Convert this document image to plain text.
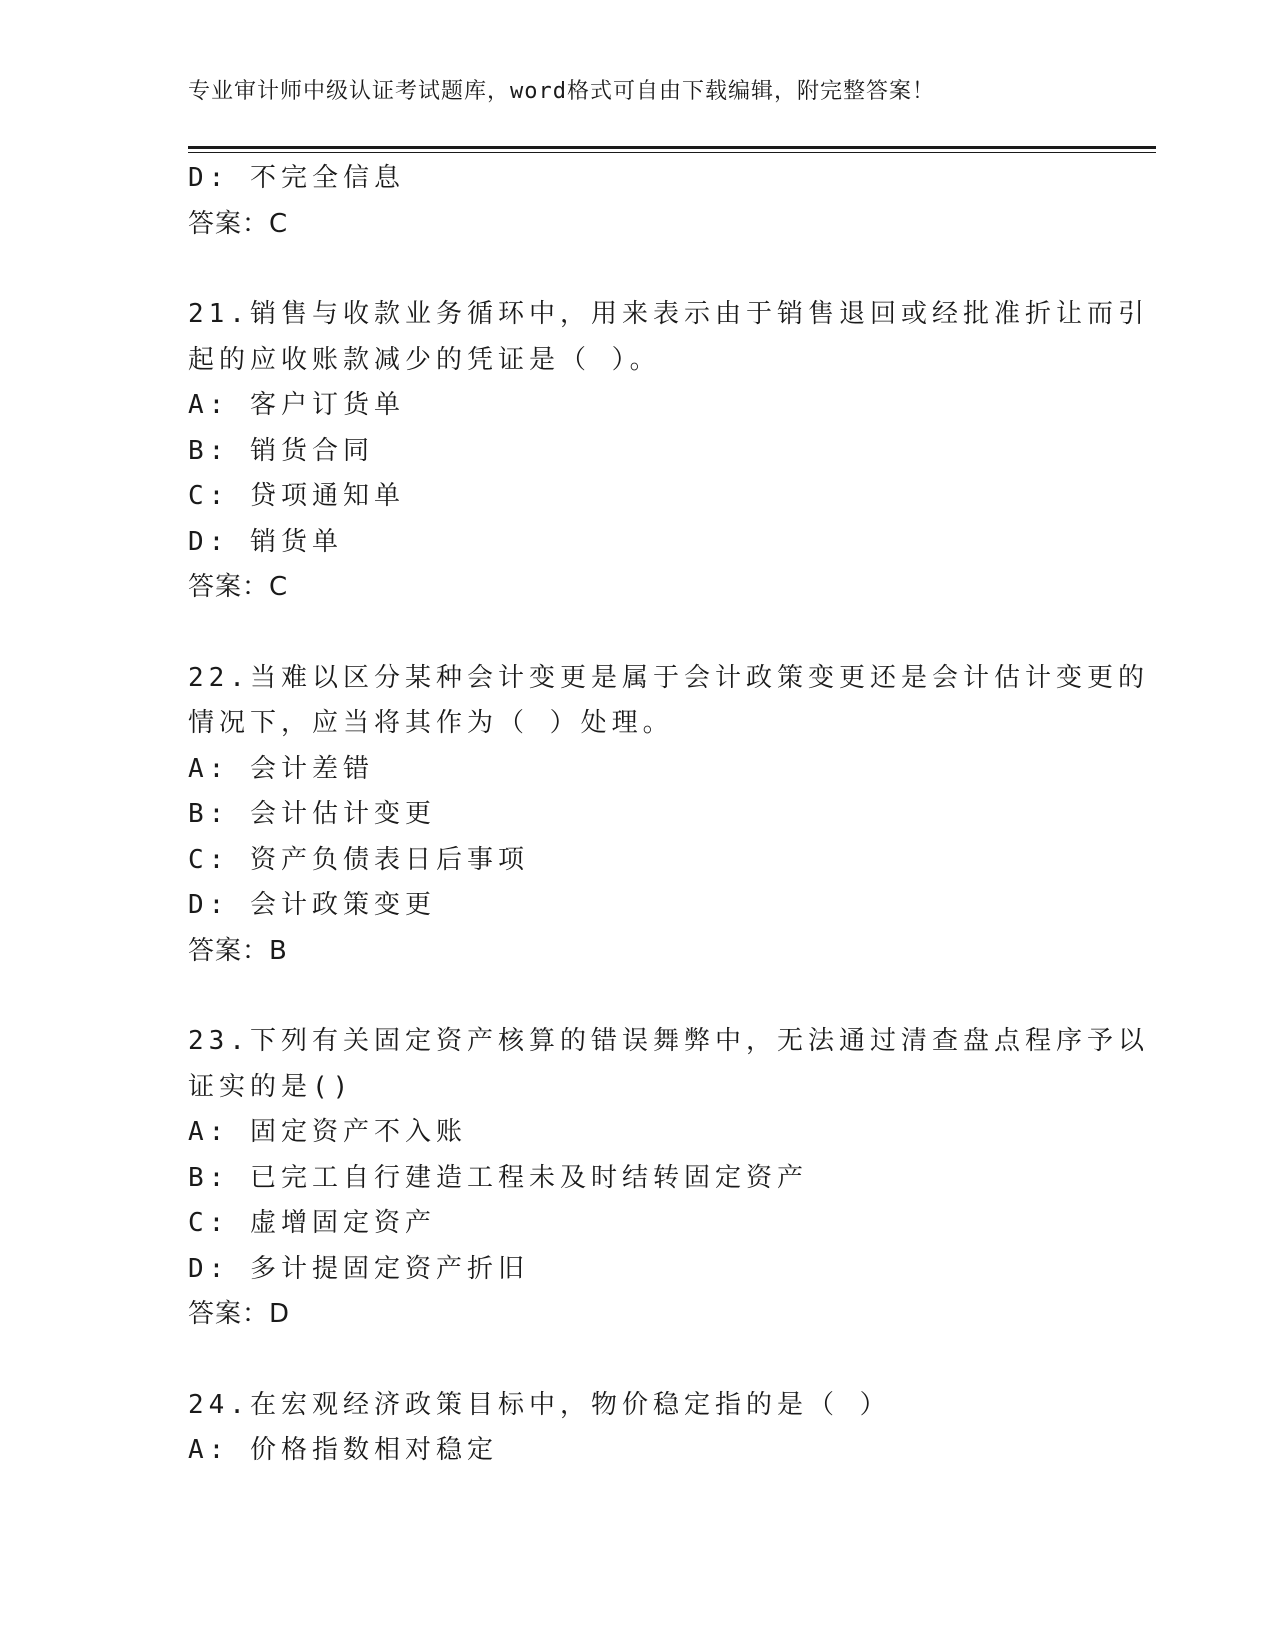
专业审计师中级认证考试题库，word格式可自由下载编辑，附完整答案！
D: 不完全信息
答案：C
21.销售与收款业务循环中，用来表示由于销售退回或经批准折让而引
起的应收账款减少的凭证是（ ）。
A: 客户订货单
B: 销货合同
C: 贷项通知单
D: 销货单
答案：C
22.当难以区分某种会计变更是属于会计政策变更还是会计估计变更的
情况下，应当将其作为（ ）处理。
A: 会计差错
B: 会计估计变更
C: 资产负债表日后事项
D: 会计政策变更
答案：B
23.下列有关固定资产核算的错误舞弊中，无法通过清查盘点程序予以
证实的是()
A: 固定资产不入账
B: 已完工自行建造工程未及时结转固定资产
C: 虚增固定资产
D: 多计提固定资产折旧
答案：D
24.在宏观经济政策目标中，物价稳定指的是（ ）
A: 价格指数相对稳定
